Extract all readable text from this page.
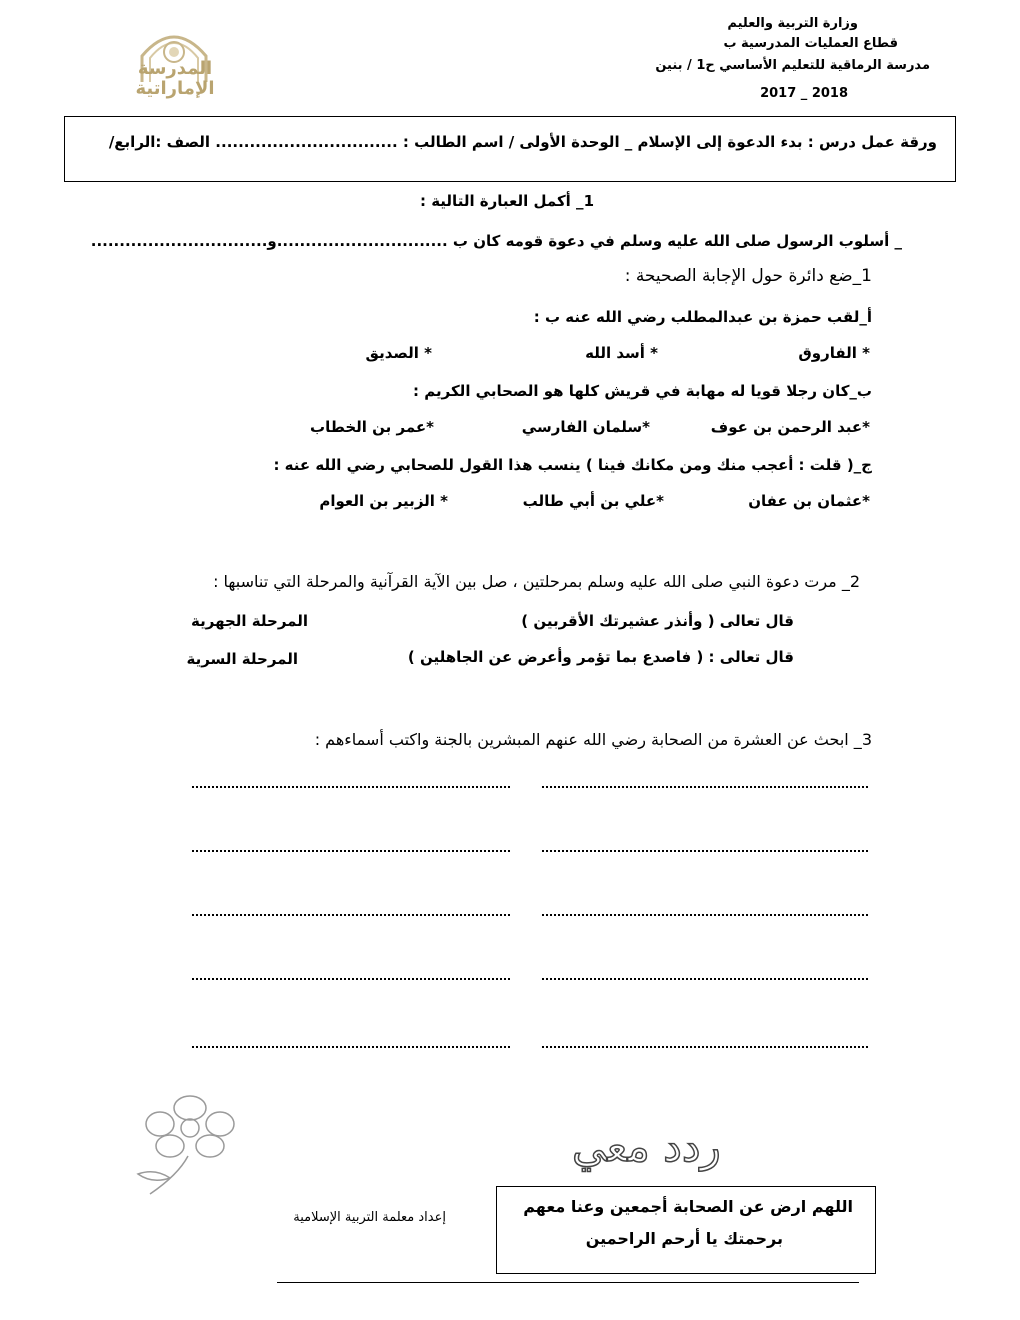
وزارة التربية والعليم
قطاع العمليات المدرسية ب
مدرسة الرماقية للتعليم الأساسي ح1 / بنين
2018 _ 2017
المدرسة
الإماراتية
ورقة عمل درس : بدء الدعوة إلى الإسلام _ الوحدة الأولى / اسم الطالب : ................................ الصف :الرابع/
1_ أكمل العبارة التالية :
_ أسلوب الرسول صلى الله عليه وسلم في دعوة قومه كان ب ..............................و...............................
1_ضع دائرة حول الإجابة الصحيحة :
أ_لقب حمزة بن عبدالمطلب رضي الله عنه ب :
* الفاروق
* أسد الله
* الصديق
ب_كان رجلا قويا له مهابة في قريش كلها هو الصحابي الكريم :
*عبد الرحمن بن عوف
*سلمان الفارسي
*عمر بن الخطاب
ج_( قلت : أعجب منك ومن مكانك فينا ) ينسب هذا القول للصحابي رضي الله عنه :
*عثمان بن عفان
*علي بن أبي طالب
* الزبير بن العوام
2_ مرت دعوة النبي صلى الله عليه وسلم بمرحلتين ، صل بين الآية القرآنية والمرحلة التي تناسبها :
قال تعالى ( وأنذر عشيرتك الأقربين )
قال تعالى : ( فاصدع بما تؤمر وأعرض عن الجاهلين )
المرحلة الجهرية
المرحلة السرية
3_ ابحث عن العشرة من الصحابة رضي الله عنهم المبشرين بالجنة واكتب أسماءهم :
ردد معي
اللهم ارض عن الصحابة أجمعين وعنا معهم
برحمتك يا أرحم الراحمين
إعداد معلمة التربية الإسلامية
